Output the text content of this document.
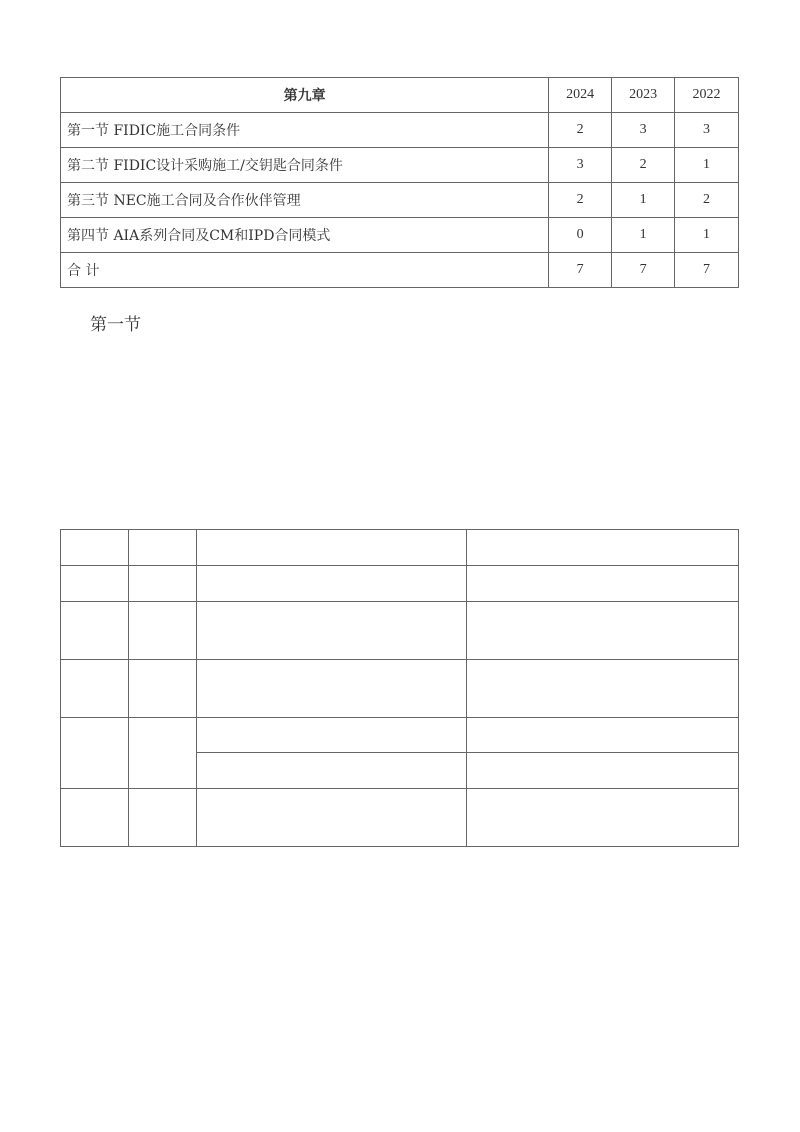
第九章	2024	2023	2022
第一节 FIDIC施工合同条件	2	3	3
第二节 FIDIC设计采购施工/交钥匙合同条件	3	2	1
第三节 NEC施工合同及合作伙伴管理	2	1	2
第四节 AIA系列合同及CM和IPD合同模式	0	1	1
合 计	7	7	7
第一节
